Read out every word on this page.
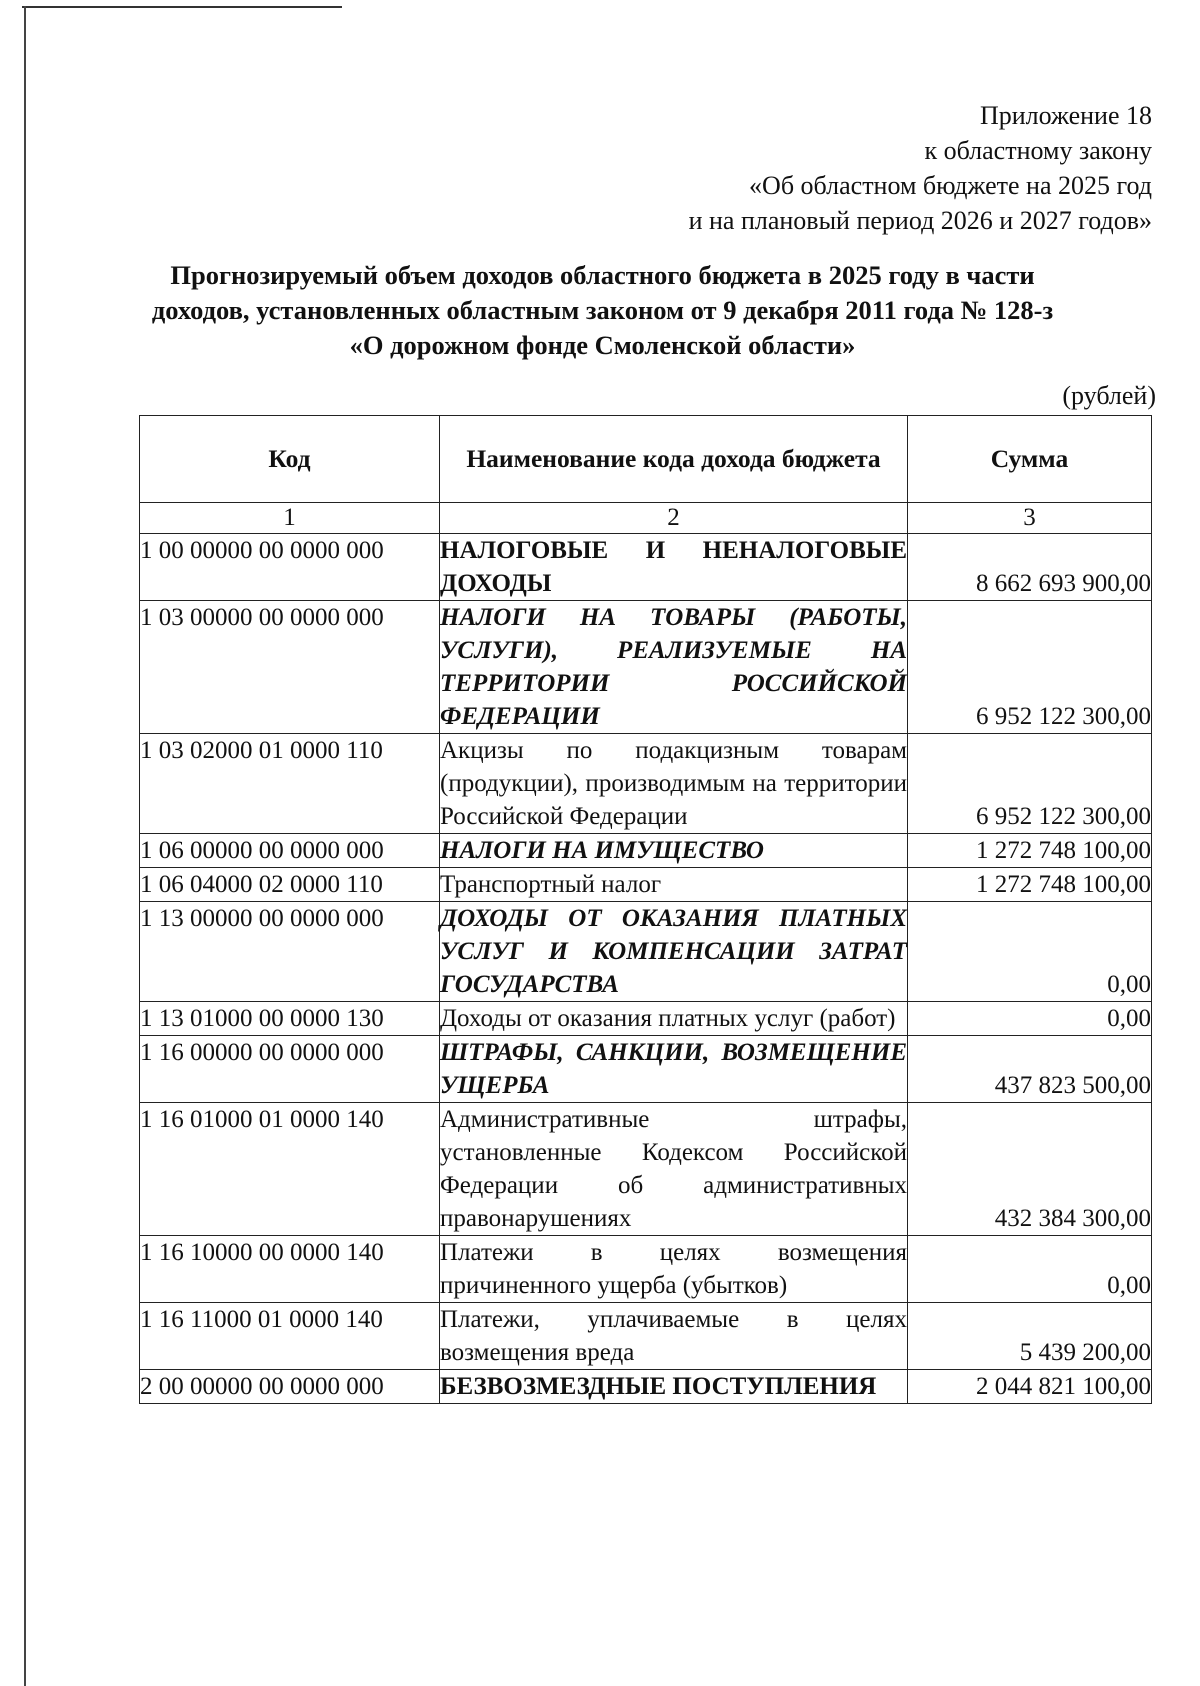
Приложение 18
к областному закону
«Об областном бюджете на 2025 год
и на плановый период 2026 и 2027 годов»
Прогнозируемый объем доходов областного бюджета в 2025 году в части
доходов, установленных областным законом от 9 декабря 2011 года № 128-з
«О дорожном фонде Смоленской области»
(рублей)
Код	Наименование кода дохода бюджета	Сумма
1	2	3
1 00 00000 00 0000 000	НАЛОГОВЫЕ И НЕНАЛОГОВЫЕ ДОХОДЫ	8 662 693 900,00
1 03 00000 00 0000 000	НАЛОГИ НА ТОВАРЫ (РАБОТЫ, УСЛУГИ), РЕАЛИЗУЕМЫЕ НА ТЕРРИТОРИИ РОССИЙСКОЙ ФЕДЕРАЦИИ	6 952 122 300,00
1 03 02000 01 0000 110	Акцизы по подакцизным товарам (продукции), производимым на территории Российской Федерации	6 952 122 300,00
1 06 00000 00 0000 000	НАЛОГИ НА ИМУЩЕСТВО	1 272 748 100,00
1 06 04000 02 0000 110	Транспортный налог	1 272 748 100,00
1 13 00000 00 0000 000	ДОХОДЫ ОТ ОКАЗАНИЯ ПЛАТНЫХ УСЛУГ И КОМПЕНСАЦИИ ЗАТРАТ ГОСУДАРСТВА	0,00
1 13 01000 00 0000 130	Доходы от оказания платных услуг (работ)	0,00
1 16 00000 00 0000 000	ШТРАФЫ, САНКЦИИ, ВОЗМЕЩЕНИЕ УЩЕРБА	437 823 500,00
1 16 01000 01 0000 140	Административные штрафы, установленные Кодексом Российской Федерации об административных правонарушениях	432 384 300,00
1 16 10000 00 0000 140	Платежи в целях возмещения причиненного ущерба (убытков)	0,00
1 16 11000 01 0000 140	Платежи, уплачиваемые в целях возмещения вреда	5 439 200,00
2 00 00000 00 0000 000	БЕЗВОЗМЕЗДНЫЕ ПОСТУПЛЕНИЯ	2 044 821 100,00
